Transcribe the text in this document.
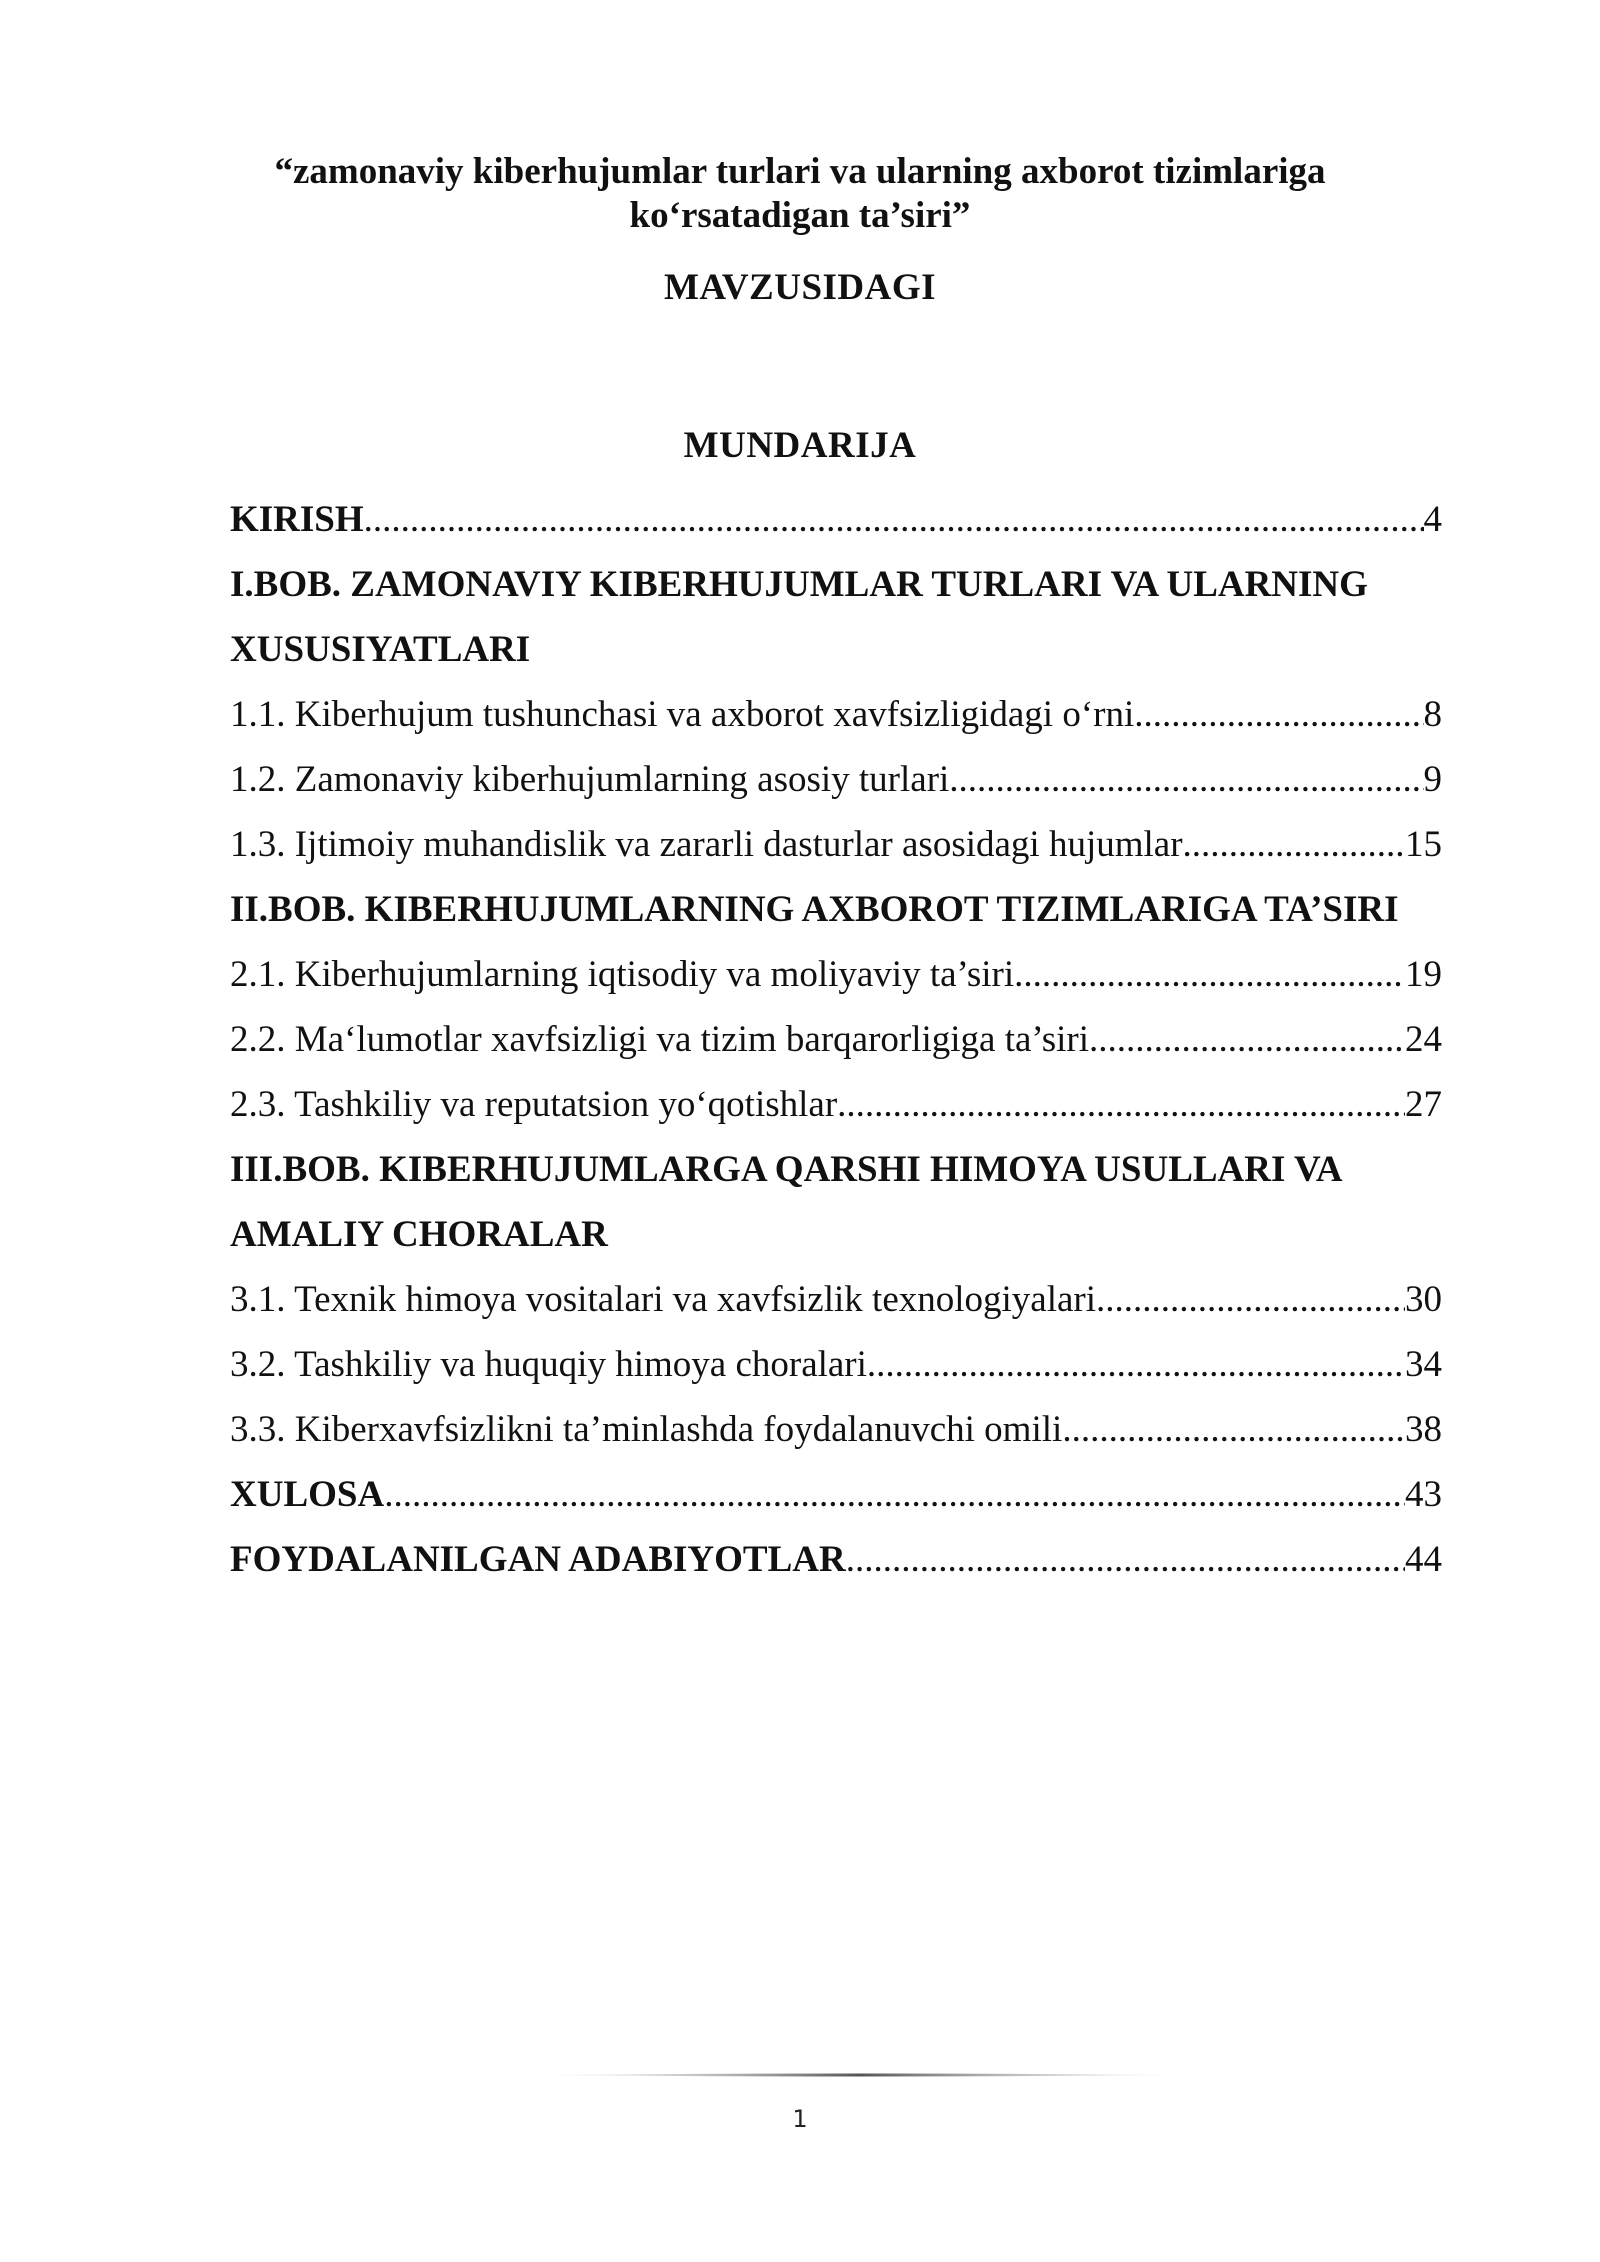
“zamonaviy kiberhujumlar turlari va ularning axborot tizimlariga ko‘rsatadigan ta’siri”
MAVZUSIDAGI
MUNDARIJA
KIRISH .....	4
I.BOB. ZAMONAVIY KIBERHUJUMLAR TURLARI VA ULARNING XUSUSIYATLARI
1.1. Kiberhujum tushunchasi va axborot xavfsizligidagi o‘rni .....	8
1.2. Zamonaviy kiberhujumlarning asosiy turlari .....	9
1.3. Ijtimoiy muhandislik va zararli dasturlar asosidagi hujumlar .....	15
II.BOB. KIBERHUJUMLARNING AXBOROT TIZIMLARIGA TA’SIRI
2.1. Kiberhujumlarning iqtisodiy va moliyaviy ta’siri .....	19
2.2. Ma‘lumotlar xavfsizligi va tizim barqarorligiga ta’siri .....	24
2.3. Tashkiliy va reputatsion yo‘qotishlar .....	27
III.BOB. KIBERHUJUMLARGA QARSHI HIMOYA USULLARI VA AMALIY CHORALAR
3.1. Texnik himoya vositalari va xavfsizlik texnologiyalari .....	30
3.2. Tashkiliy va huquqiy himoya choralari .....	34
3.3. Kiberxavfsizlikni ta’minlashda foydalanuvchi omili .....	38
XULOSA .....	43
FOYDALANILGAN ADABIYOTLAR .....	44
1
